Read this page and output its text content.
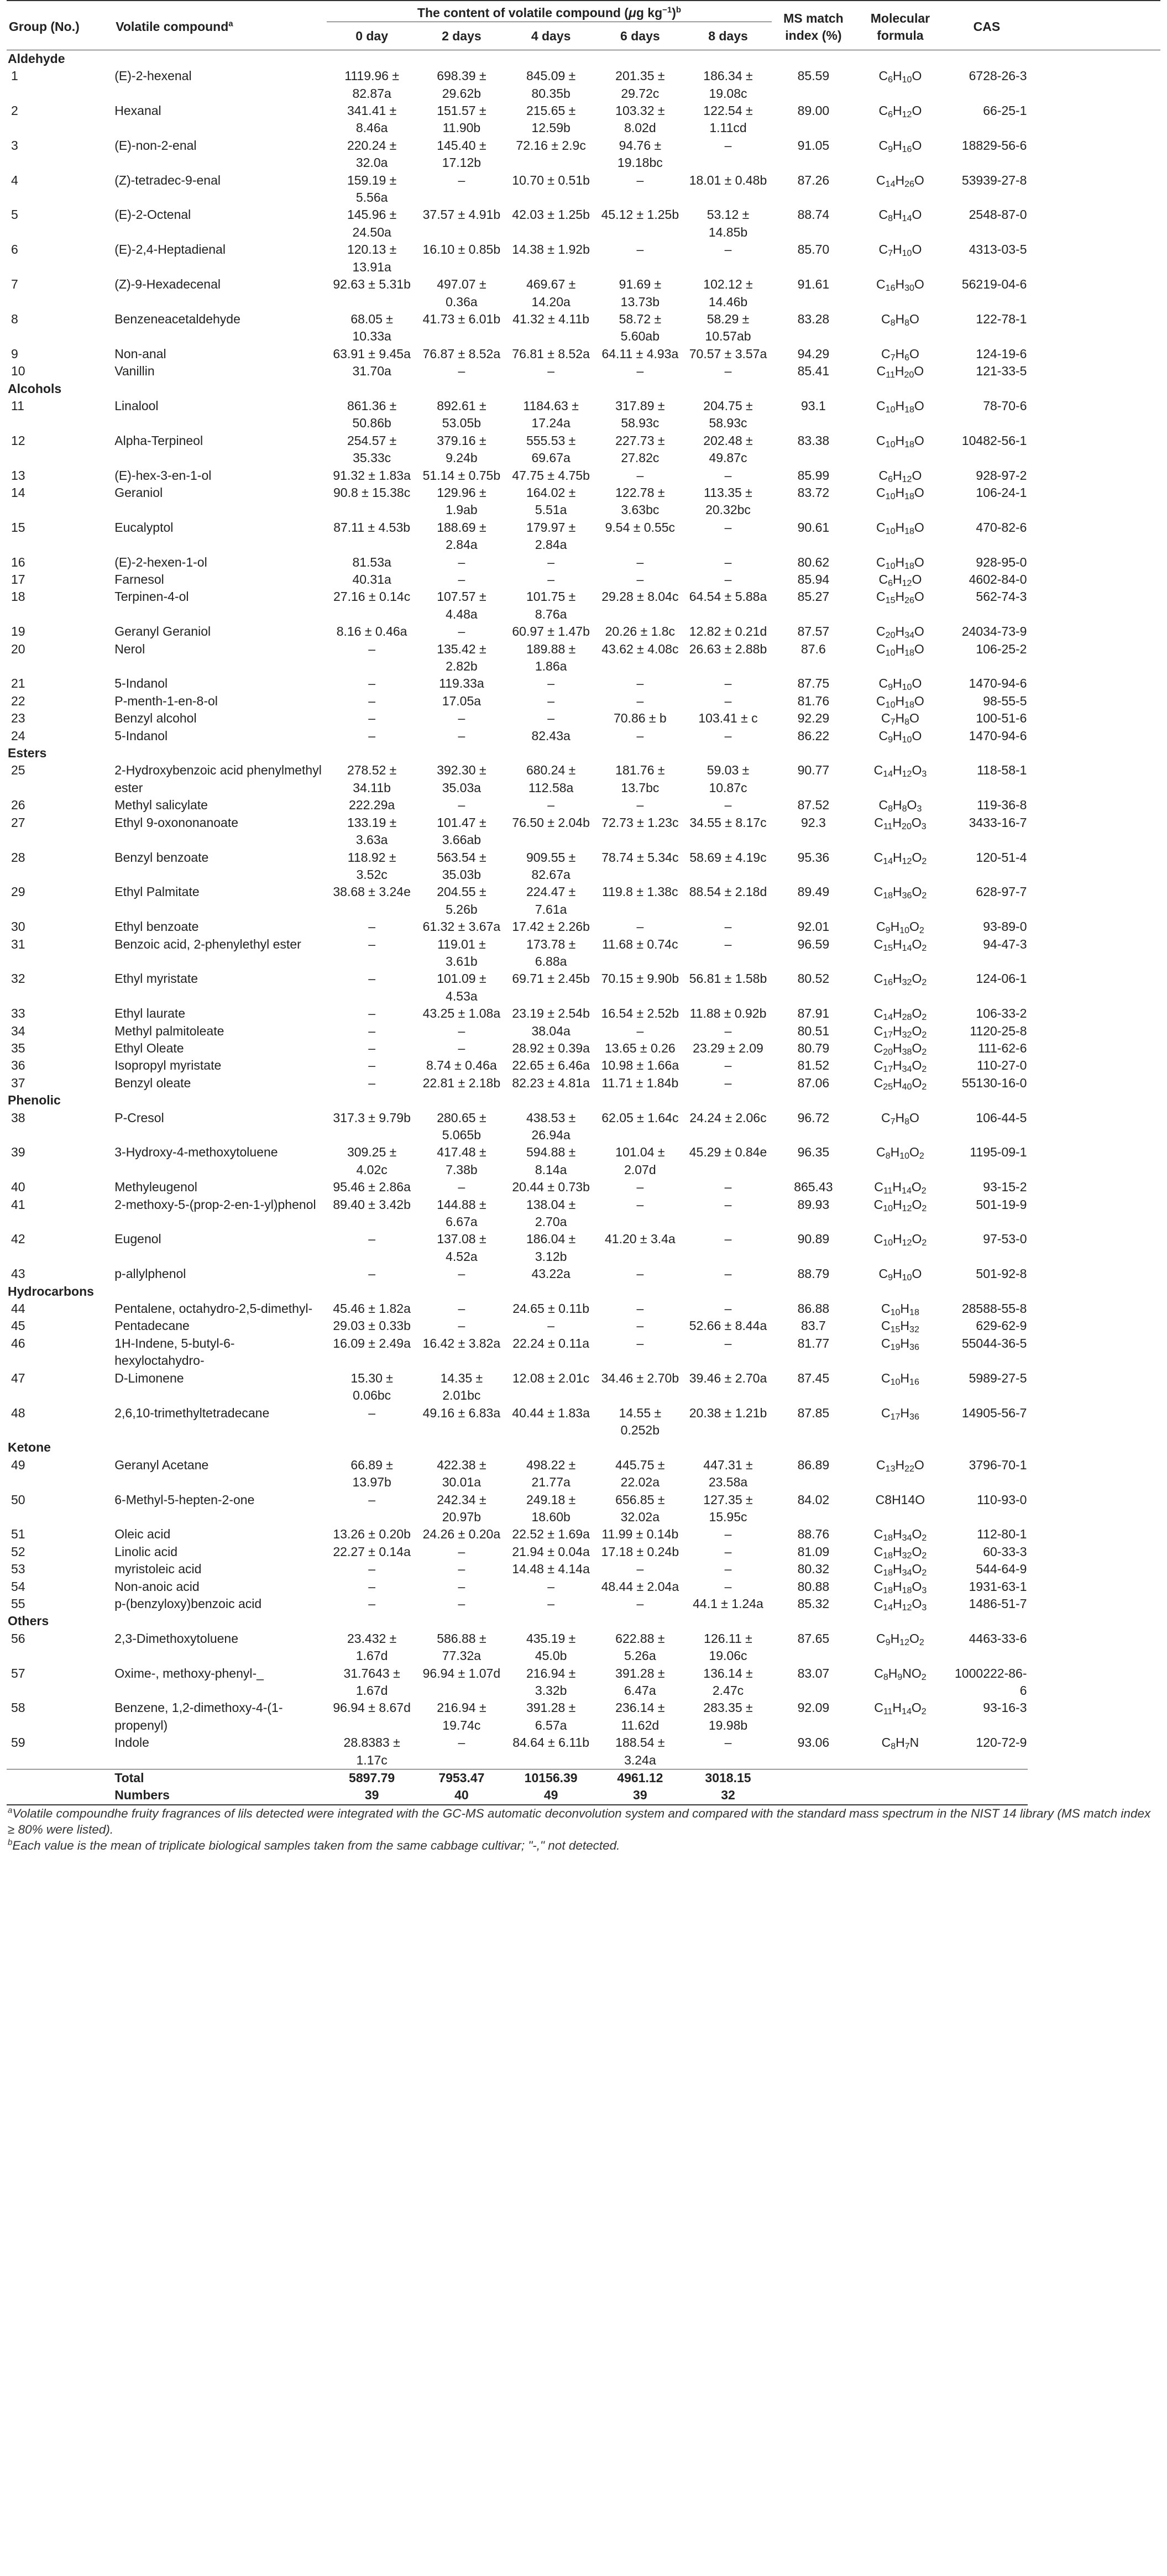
Group (No.)	Volatile compound$^a$	The content of volatile compound (μg $kg^{-1})^b$					MS match index (%)	Molecular formula	CAS
		0 day	2 days	4 days	6 days	8 days			
Aldehyde									
1	(E)-2-hexenal	1119.96 ± 82.87a	698.39 ± 29.62b	845.09 ± 80.35b	201.35 ± 29.72c	186.34 ± 19.08c	85.59	$C_6H_{10}O$	6728-26-3
2	Hexanal	341.41 ± 8.46a	151.57 ± 11.90b	215.65 ± 12.59b	103.32 ± 8.02d	122.54 ± 1.11cd	89.00	$C_6H_{12}O$	66-25-1
3	(E)-non-2-enal	220.24 ± 32.0a	145.40 ± 17.12b	72.16 ± 2.9c	94.76 ± 19.18bc	–	91.05	$C_9H_{16}O$	18829-56-6
4	(Z)-tetradec-9-enal	159.19 ± 5.56a	–	10.70 ± 0.51b	–	18.01 ± 0.48b	87.26	$C_{14}H_{26}O$	53939-27-8
5	(E)-2-Octenal	145.96 ± 24.50a	37.57 ± 4.91b	42.03 ± 1.25b	45.12 ± 1.25b	53.12 ± 14.85b	88.74	$C_8H_{14}O$	2548-87-0
6	(E)-2,4-Heptadienal	120.13 ± 13.91a	16.10 ± 0.85b	14.38 ± 1.92b	–	–	85.70	$C_7H_{10}O$	4313-03-5
7	(Z)-9-Hexadecenal	92.63 ± 5.31b	497.07 ± 0.36a	469.67 ± 14.20a	91.69 ± 13.73b	102.12 ± 14.46b	91.61	$C_{16}H_{30}O$	56219-04-6
8	Benzeneacetaldehyde	68.05 ± 10.33a	41.73 ± 6.01b	41.32 ± 4.11b	58.72 ± 5.60ab	58.29 ± 10.57ab	83.28	$C_8H_8O$	122-78-1
9	Non-anal	63.91 ± 9.45a	76.87 ± 8.52a	76.81 ± 8.52a	64.11 ± 4.93a	70.57 ± 3.57a	94.29	$C_7H_6O$	124-19-6
10	Vanillin	31.70a	–	–	–	–	85.41	$C_{11}H_{20}O$	121-33-5
Alcohols									
11	Linalool	861.36 ± 50.86b	892.61 ± 53.05b	1184.63 ± 17.24a	317.89 ± 58.93c	204.75 ± 58.93c	93.1	$C_{10}H_{18}O$	78-70-6
12	Alpha-Terpineol	254.57 ± 35.33c	379.16 ± 9.24b	555.53 ± 69.67a	227.73 ± 27.82c	202.48 ± 49.87c	83.38	$C_{10}H_{18}O$	10482-56-1
13	(E)-hex-3-en-1-ol	91.32 ± 1.83a	51.14 ± 0.75b	47.75 ± 4.75b	–	–	85.99	$C_6H_{12}O$	928-97-2
14	Geraniol	90.8 ± 15.38c	129.96 ± 1.9ab	164.02 ± 5.51a	122.78 ± 3.63bc	113.35 ± 20.32bc	83.72	$C_{10}H_{18}O$	106-24-1
15	Eucalyptol	87.11 ± 4.53b	188.69 ± 2.84a	179.97 ± 2.84a	9.54 ± 0.55c	–	90.61	$C_{10}H_{18}O$	470-82-6
16	(E)-2-hexen-1-ol	81.53a	–	–	–	–	80.62	$C_{10}H_{18}O$	928-95-0
17	Farnesol	40.31a	–	–	–	–	85.94	$C_6H_{12}O$	4602-84-0
18	Terpinen-4-ol	27.16 ± 0.14c	107.57 ± 4.48a	101.75 ± 8.76a	29.28 ± 8.04c	64.54 ± 5.88a	85.27	$C_{15}H_{26}O$	562-74-3
19	Geranyl Geraniol	8.16 ± 0.46a	–	60.97 ± 1.47b	20.26 ± 1.8c	12.82 ± 0.21d	87.57	$C_{20}H_{34}O$	24034-73-9
20	Nerol	–	135.42 ± 2.82b	189.88 ± 1.86a	43.62 ± 4.08c	26.63 ± 2.88b	87.6	$C_{10}H_{18}O$	106-25-2
21	5-Indanol	–	119.33a	–	–	–	87.75	$C_9H_{10}O$	1470-94-6
22	P-menth-1-en-8-ol	–	17.05a	–	–	–	81.76	$C_{10}H_{18}O$	98-55-5
23	Benzyl alcohol	–	–	–	70.86 ± b	103.41 ± c	92.29	$C_7H_8O$	100-51-6
24	5-Indanol	–	–	82.43a	–	–	86.22	$C_9H_{10}O$	1470-94-6
Esters									
25	2-Hydroxybenzoic acid phenylmethyl ester	278.52 ± 34.11b	392.30 ± 35.03a	680.24 ± 112.58a	181.76 ± 13.7bc	59.03 ± 10.87c	90.77	$C_{14}H_{12}O_3$	118-58-1
26	Methyl salicylate	222.29a	–	–	–	–	87.52	$C_8H_8O_3$	119-36-8
27	Ethyl 9-oxononanoate	133.19 ± 3.63a	101.47 ± 3.66ab	76.50 ± 2.04b	72.73 ± 1.23c	34.55 ± 8.17c	92.3	$C_{11}H_{20}O_3$	3433-16-7
28	Benzyl benzoate	118.92 ± 3.52c	563.54 ± 35.03b	909.55 ± 82.67a	78.74 ± 5.34c	58.69 ± 4.19c	95.36	$C_{14}H_{12}O_2$	120-51-4
29	Ethyl Palmitate	38.68 ± 3.24e	204.55 ± 5.26b	224.47 ± 7.61a	119.8 ± 1.38c	88.54 ± 2.18d	89.49	$C_{18}H_{36}O_2$	628-97-7
30	Ethyl benzoate	–	61.32 ± 3.67a	17.42 ± 2.26b	–	–	92.01	$C_9H_{10}O_2$	93-89-0
31	Benzoic acid, 2-phenylethyl ester	–	119.01 ± 3.61b	173.78 ± 6.88a	11.68 ± 0.74c	–	96.59	$C_{15}H_{14}O_2$	94-47-3
32	Ethyl myristate	–	101.09 ± 4.53a	69.71 ± 2.45b	70.15 ± 9.90b	56.81 ± 1.58b	80.52	$C_{16}H_{32}O_2$	124-06-1
33	Ethyl laurate	–	43.25 ± 1.08a	23.19 ± 2.54b	16.54 ± 2.52b	11.88 ± 0.92b	87.91	$C_{14}H_{28}O_2$	106-33-2
34	Methyl palmitoleate	–	–	38.04a	–	–	80.51	$C_{17}H_{32}O_2$	1120-25-8
35	Ethyl Oleate	–	–	28.92 ± 0.39a	13.65 ± 0.26	23.29 ± 2.09	80.79	$C_{20}H_{38}O_2$	111-62-6
36	Isopropyl myristate	–	8.74 ± 0.46a	22.65 ± 6.46a	10.98 ± 1.66a	–	81.52	$C_{17}H_{34}O_2$	110-27-0
37	Benzyl oleate	–	22.81 ± 2.18b	82.23 ± 4.81a	11.71 ± 1.84b	–	87.06	$C_{25}H_{40}O_2$	55130-16-0
Phenolic									
38	P-Cresol	317.3 ± 9.79b	280.65 ± 5.065b	438.53 ± 26.94a	62.05 ± 1.64c	24.24 ± 2.06c	96.72	$C_7H_8O$	106-44-5
39	3-Hydroxy-4-methoxytoluene	309.25 ± 4.02c	417.48 ± 7.38b	594.88 ± 8.14a	101.04 ± 2.07d	45.29 ± 0.84e	96.35	$C_8H_{10}O_2$	1195-09-1
40	Methyleugenol	95.46 ± 2.86a	–	20.44 ± 0.73b	–	–	865.43	$C_{11}H_{14}O_2$	93-15-2
41	2-methoxy-5-(prop-2-en-1-yl)phenol	89.40 ± 3.42b	144.88 ± 6.67a	138.04 ± 2.70a	–	–	89.93	$C_{10}H_{12}O_2$	501-19-9
42	Eugenol	–	137.08 ± 4.52a	186.04 ± 3.12b	41.20 ± 3.4a	–	90.89	$C_{10}H_{12}O_2$	97-53-0
43	p-allylphenol	–	–	43.22a	–	–	88.79	$C_9H_{10}O$	501-92-8
Hydrocarbons									
44	Pentalene, octahydro-2,5-dimethyl-	45.46 ± 1.82a	–	24.65 ± 0.11b	–	–	86.88	$C_{10}H_{18}$	28588-55-8
45	Pentadecane	29.03 ± 0.33b	–	–	–	52.66 ± 8.44a	83.7	$C_{15}H_{32}$	629-62-9
46	1H-Indene, 5-butyl-6-hexyloctahydro-	16.09 ± 2.49a	16.42 ± 3.82a	22.24 ± 0.11a	–	–	81.77	$C_{19}H_{36}$	55044-36-5
47	D-Limonene	15.30 ± 0.06bc	14.35 ± 2.01bc	12.08 ± 2.01c	34.46 ± 2.70b	39.46 ± 2.70a	87.45	$C_{10}H_{16}$	5989-27-5
48	2,6,10-trimethyltetradecane	–	49.16 ± 6.83a	40.44 ± 1.83a	14.55 ± 0.252b	20.38 ± 1.21b	87.85	$C_{17}H_{36}$	14905-56-7
Ketone									
49	Geranyl Acetane	66.89 ± 13.97b	422.38 ± 30.01a	498.22 ± 21.77a	445.75 ± 22.02a	447.31 ± 23.58a	86.89	$C_{13}H_{22}O$	3796-70-1
50	6-Methyl-5-hepten-2-one	–	242.34 ± 20.97b	249.18 ± 18.60b	656.85 ± 32.02a	127.35 ± 15.95c	84.02	C8H14O	110-93-0
51	Oleic acid	13.26 ± 0.20b	24.26 ± 0.20a	22.52 ± 1.69a	11.99 ± 0.14b	–	88.76	$C_{18}H_{34}O_2$	112-80-1
52	Linolic acid	22.27 ± 0.14a	–	21.94 ± 0.04a	17.18 ± 0.24b	–	81.09	$C_{18}H_{32}O_2$	60-33-3
53	myristoleic acid	–	–	14.48 ± 4.14a	–	–	80.32	$C_{18}H_{34}O_2$	544-64-9
54	Non-anoic acid	–	–	–	48.44 ± 2.04a	–	80.88	$C_{18}H_{18}O_3$	1931-63-1
55	p-(benzyloxy)benzoic acid	–	–	–	–	44.1 ± 1.24a	85.32	$C_{14}H_{12}O_3$	1486-51-7
Others									
56	2,3-Dimethoxytoluene	23.432 ± 1.67d	586.88 ± 77.32a	435.19 ± 45.0b	622.88 ± 5.26a	126.11 ± 19.06c	87.65	$C_9H_{12}O_2$	4463-33-6
57	Oxime-, methoxy-phenyl-_	31.7643 ± 1.67d	96.94 ± 1.07d	216.94 ± 3.32b	391.28 ± 6.47a	136.14 ± 2.47c	83.07	$C_8H_9NO_2$	1000222-86-6
58	Benzene, 1,2-dimethoxy-4-(1-propenyl)	96.94 ± 8.67d	216.94 ± 19.74c	391.28 ± 6.57a	236.14 ± 11.62d	283.35 ± 19.98b	92.09	$C_{11}H_{14}O_2$	93-16-3
59	Indole	28.8383 ± 1.17c	–	84.64 ± 6.11b	188.54 ± 3.24a	–	93.06	$C_8H_7N$	120-72-9
	Total	5897.79	7953.47	10156.39	4961.12	3018.15			
	Numbers	39	40	49	39	32			
$^a$Volatile compoundhe fruity fragrances of lils detected were integrated with the GC-MS automatic deconvolution system and compared with the standard mass spectrum in the NIST 14 library (MS match index ≥ 80% were listed).
$^b$Each value is the mean of triplicate biological samples taken from the same cabbage cultivar; "-," not detected.
